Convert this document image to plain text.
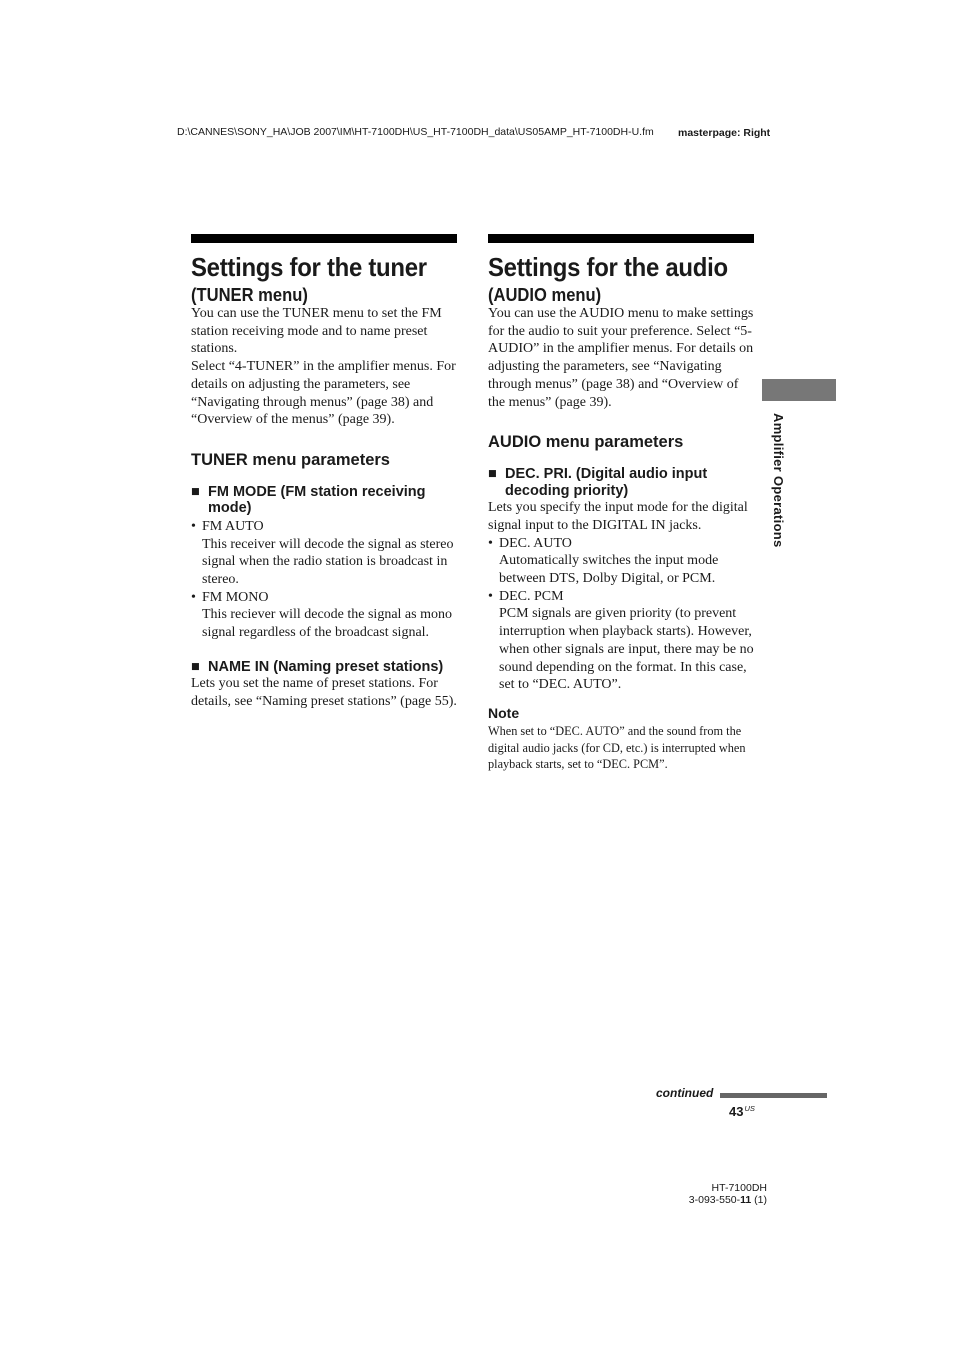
D:\CANNES\SONY_HA\JOB 2007\IM\HT-7100DH\US_HT-7100DH_data\US05AMP_HT-7100DH-U.fm	masterpage: Right
Settings for the tuner
(TUNER menu)

You can use the TUNER menu to set the FM station receiving mode and to name preset stations.

Select “4-TUNER” in the amplifier menus. For details on adjusting the parameters, see “Navigating through menus” (page 38) and “Overview of the menus” (page 39).

TUNER menu parameters
■ FM MODE (FM station receiving mode)
• FM AUTO

This receiver will decode the signal as stereo signal when the radio station is broadcast in stereo.

• FM MONO

This reciever will decode the signal as mono signal regardless of the broadcast signal.

■ NAME IN (Naming preset stations)

Lets you set the name of preset stations. For details, see “Naming preset stations” (page 55).

Settings for the audio
(AUDIO menu)

You can use the AUDIO menu to make settings for the audio to suit your preference. Select “5-AUDIO” in the amplifier menus. For details on adjusting the parameters, see “Navigating through menus” (page 38) and “Overview of the menus” (page 39).

AUDIO menu parameters
■ DEC. PRI. (Digital audio input decoding priority)

Lets you specify the input mode for the digital signal input to the DIGITAL IN jacks.

• DEC. AUTO

Automatically switches the input mode between DTS, Dolby Digital, or PCM.

• DEC. PCM

PCM signals are given priority (to prevent interruption when playback starts). However, when other signals are input, there may be no sound depending on the format. In this case, set to “DEC. AUTO”.

Note

When set to “DEC. AUTO” and the sound from the digital audio jacks (for CD, etc.) is interrupted when playback starts, set to “DEC. PCM”.

Amplifier Operations
continued
$43^{US}$
HT-7100DH
3-093-550-11 (1)
